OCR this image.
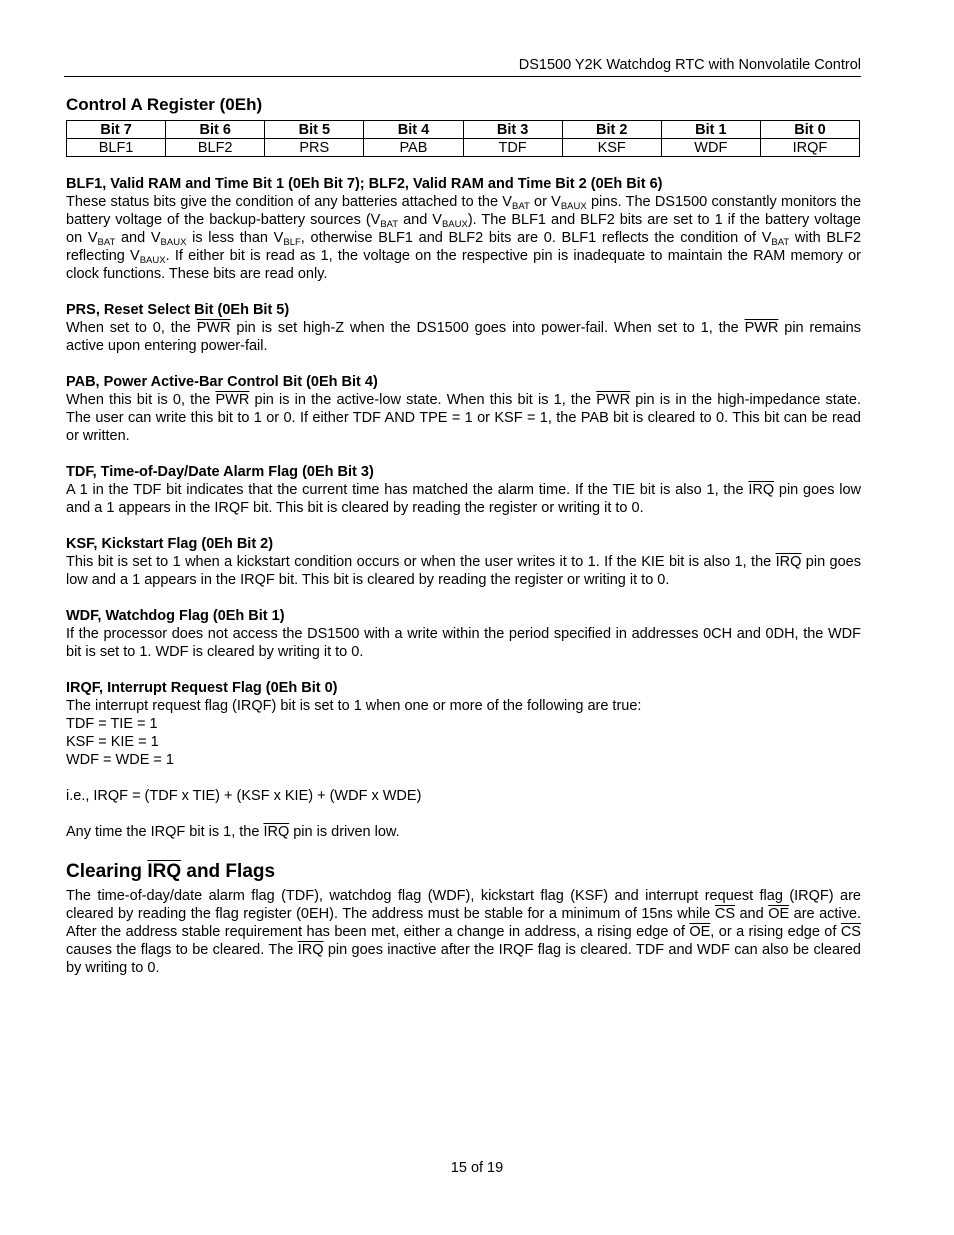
DS1500 Y2K Watchdog RTC with Nonvolatile Control
Control A Register (0Eh)
Bit 7	Bit 6	Bit 5	Bit 4	Bit 3	Bit 2	Bit 1	Bit 0
BLF1	BLF2	PRS	PAB	TDF	KSF	WDF	IRQF
BLF1, Valid RAM and Time Bit 1 (0Eh Bit 7); BLF2, Valid RAM and Time Bit 2 (0Eh Bit 6)

These status bits give the condition of any batteries attached to the $V_{BAT}$ or $V_{BAUX}$ pins. The DS1500 constantly monitors the battery voltage of the backup-battery sources ($V_{BAT}$ and $V_{BAUX}$). The BLF1 and BLF2 bits are set to 1 if the battery voltage on $V_{BAT}$ and $V_{BAUX}$ is less than $V_{BLF}$, otherwise BLF1 and BLF2 bits are 0. BLF1 reflects the condition of $V_{BAT}$ with BLF2 reflecting $V_{BAUX}$. If either bit is read as 1, the voltage on the respective pin is inadequate to maintain the RAM memory or clock functions. These bits are read only.

PRS, Reset Select Bit (0Eh Bit 5)

When set to 0, the $\overline{PWR}$ pin is set high-Z when the DS1500 goes into power-fail. When set to 1, the $\overline{PWR}$ pin remains active upon entering power-fail.

PAB, Power Active-Bar Control Bit (0Eh Bit 4)

When this bit is 0, the $\overline{PWR}$ pin is in the active-low state. When this bit is 1, the $\overline{PWR}$ pin is in the high-impedance state. The user can write this bit to 1 or 0. If either TDF AND TPE = 1 or KSF = 1, the PAB bit is cleared to 0. This bit can be read or written.

TDF, Time-of-Day/Date Alarm Flag (0Eh Bit 3)

A 1 in the TDF bit indicates that the current time has matched the alarm time. If the TIE bit is also 1, the $\overline{IRQ}$ pin goes low and a 1 appears in the IRQF bit. This bit is cleared by reading the register or writing it to 0.

KSF, Kickstart Flag (0Eh Bit 2)

This bit is set to 1 when a kickstart condition occurs or when the user writes it to 1. If the KIE bit is also 1, the $\overline{IRQ}$ pin goes low and a 1 appears in the IRQF bit. This bit is cleared by reading the register or writing it to 0.

WDF, Watchdog Flag (0Eh Bit 1)

If the processor does not access the DS1500 with a write within the period specified in addresses 0CH and 0DH, the WDF bit is set to 1. WDF is cleared by writing it to 0.

IRQF, Interrupt Request Flag (0Eh Bit 0)

The interrupt request flag (IRQF) bit is set to 1 when one or more of the following are true:

TDF = TIE = 1

KSF = KIE = 1

WDF = WDE = 1

i.e., IRQF = (TDF x TIE) + (KSF x KIE) + (WDF x WDE)

Any time the IRQF bit is 1, the $\overline{IRQ}$ pin is driven low.

Clearing IRQ and Flags

The time-of-day/date alarm flag (TDF), watchdog flag (WDF), kickstart flag (KSF) and interrupt request flag (IRQF) are cleared by reading the flag register (0EH). The address must be stable for a minimum of 15ns while $\overline{CS}$ and $\overline{OE}$ are active. After the address stable requirement has been met, either a change in address, a rising edge of $\overline{OE}$, or a rising edge of $\overline{CS}$ causes the flags to be cleared. The $\overline{IRQ}$ pin goes inactive after the IRQF flag is cleared. TDF and WDF can also be cleared by writing to 0.

15 of 19
